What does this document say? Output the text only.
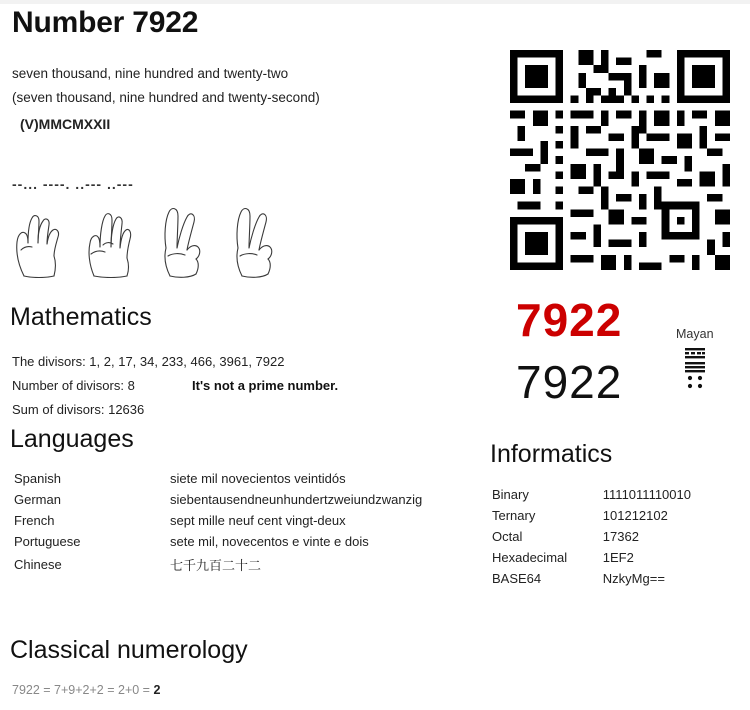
Number 7922
seven thousand, nine hundred and twenty-two
(seven thousand, nine hundred and twenty-second)
(V)MMCMXXII
--... ----. ..--- ..---
Mathematics
The divisors: 1, 2, 17, 34, 233, 466, 3961, 7922
Number of divisors: 8	It's not a prime number.
Sum of divisors: 12636
Languages
Spanish	siete mil novecientos veintidós
German	siebentausendneunhundertzweiundzwanzig

French	sept mille neuf cent vingt-deux
Portuguese	sete mil, novecentos e vinte e dois
Chinese	七千九百二十二
Classical numerology
7922 = 7+9+2+2 = 2+0 = 2
7922
7922
Mayan
Informatics
Binary	1111011110010
Ternary	101212102
Octal	17362
Hexadecimal	1EF2
BASE64	NzkyMg==
